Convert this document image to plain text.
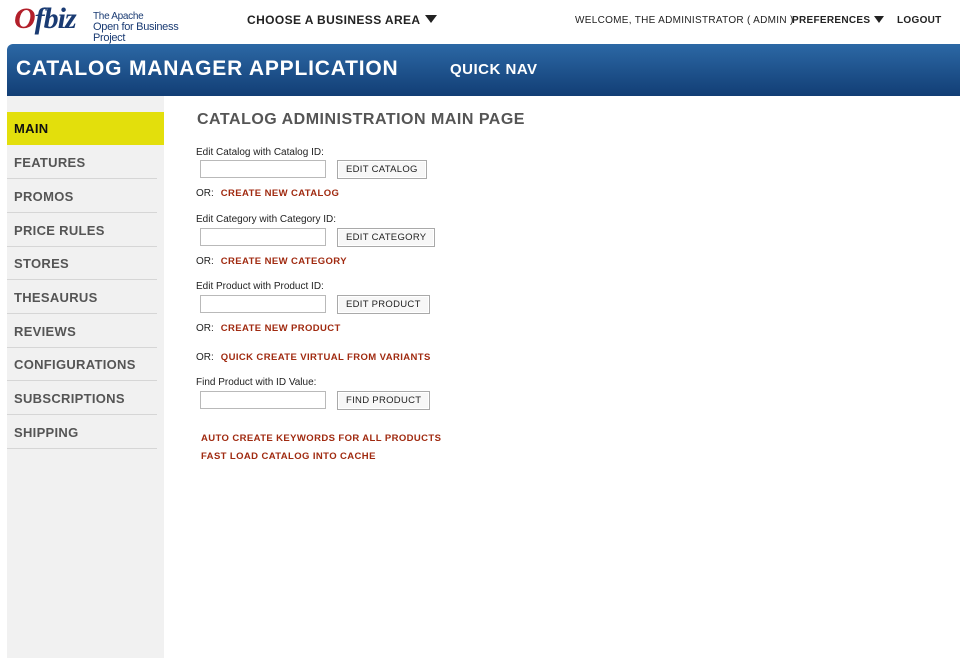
Ofbiz The Apache
Open for Business Project
CHOOSE A BUSINESS AREA	WELCOME, THE ADMINISTRATOR ( ADMIN )
PREFERENCES	LOGOUT
CATALOG MANAGER APPLICATION	QUICK NAV
MAIN
FEATURES
PROMOS
PRICE RULES
STORES
THESAURUS
REVIEWS
CONFIGURATIONS
SUBSCRIPTIONS
SHIPPING
CATALOG ADMINISTRATION MAIN PAGE
Edit Catalog with Catalog ID:
EDIT CATALOG
OR: CREATE NEW CATALOG
Edit Category with Category ID:
EDIT CATEGORY
OR: CREATE NEW CATEGORY
Edit Product with Product ID:
EDIT PRODUCT
OR: CREATE NEW PRODUCT
OR: QUICK CREATE VIRTUAL FROM VARIANTS
Find Product with ID Value:
FIND PRODUCT
AUTO CREATE KEYWORDS FOR ALL PRODUCTS
FAST LOAD CATALOG INTO CACHE
